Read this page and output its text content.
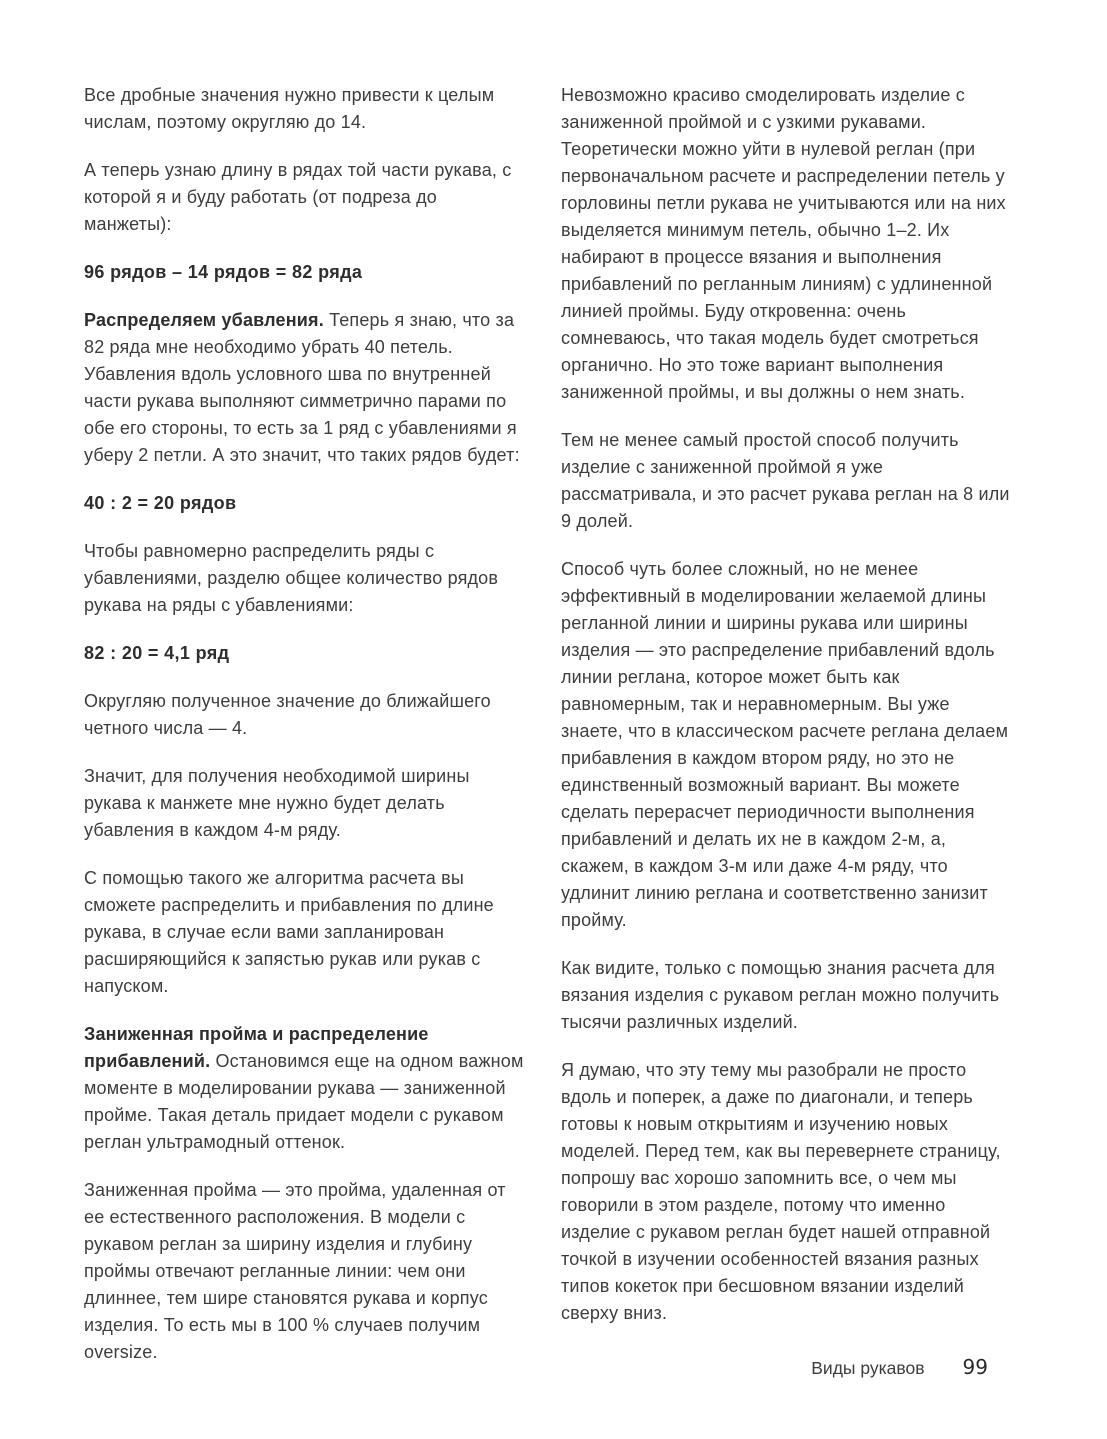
Все дробные значения нужно привести к целым числам, поэтому округляю до 14.

А теперь узнаю длину в рядах той части рукава, с которой я и буду работать (от подреза до манжеты):

96 рядов – 14 рядов = 82 ряда

Распределяем убавления. Теперь я знаю, что за 82 ряда мне необходимо убрать 40 петель. Убавления вдоль условного шва по внутренней части рукава выполняют симметрично парами по обе его стороны, то есть за 1 ряд с убавлениями я уберу 2 петли. А это значит, что таких рядов будет:

40 : 2 = 20 рядов

Чтобы равномерно распределить ряды с убавлениями, разделю общее количество рядов рукава на ряды с убавлениями:

82 : 20 = 4,1 ряд

Округляю полученное значение до ближайшего четного числа — 4.

Значит, для получения необходимой ширины рукава к манжете мне нужно будет делать убавления в каждом 4-м ряду.

С помощью такого же алгоритма расчета вы сможете распределить и прибавления по длине рукава, в случае если вами запланирован расширяющийся к запястью рукав или рукав с напуском.

Заниженная пройма и распределение прибавлений. Остановимся еще на одном важном моменте в моделировании рукава — заниженной пройме. Такая деталь придает модели с рукавом реглан ультрамодный оттенок.

Заниженная пройма — это пройма, удаленная от ее естественного расположения. В модели с рукавом реглан за ширину изделия и глубину проймы отвечают регланные линии: чем они длиннее, тем шире становятся рукава и корпус изделия. То есть мы в 100 % случаев получим oversize.

Невозможно красиво смоделировать изделие с заниженной проймой и с узкими рукавами. Теоретически можно уйти в нулевой реглан (при первоначальном расчете и распределении петель у горловины петли рукава не учитываются или на них выделяется минимум петель, обычно 1–2. Их набирают в процессе вязания и выполнения прибавлений по регланным линиям) с удлиненной линией проймы. Буду откровенна: очень сомневаюсь, что такая модель будет смотреться органично. Но это тоже вариант выполнения заниженной проймы, и вы должны о нем знать.

Тем не менее самый простой способ получить изделие с заниженной проймой я уже рассматривала, и это расчет рукава реглан на 8 или 9 долей.

Способ чуть более сложный, но не менее эффективный в моделировании желаемой длины регланной линии и ширины рукава или ширины изделия — это распределение прибавлений вдоль линии реглана, которое может быть как равномерным, так и неравномерным. Вы уже знаете, что в классическом расчете реглана делаем прибавления в каждом втором ряду, но это не единственный возможный вариант. Вы можете сделать перерасчет периодичности выполнения прибавлений и делать их не в каждом 2-м, а, скажем, в каждом 3-м или даже 4-м ряду, что удлинит линию реглана и соответственно занизит пройму.

Как видите, только с помощью знания расчета для вязания изделия с рукавом реглан можно получить тысячи различных изделий.

Я думаю, что эту тему мы разобрали не просто вдоль и поперек, а даже по диагонали, и теперь готовы к новым открытиям и изучению новых моделей. Перед тем, как вы перевернете страницу, попрошу вас хорошо запомнить все, о чем мы говорили в этом разделе, потому что именно изделие с рукавом реглан будет нашей отправной точкой в изучении особенностей вязания разных типов кокеток при бесшовном вязании изделий сверху вниз.

Виды рукавов 99
